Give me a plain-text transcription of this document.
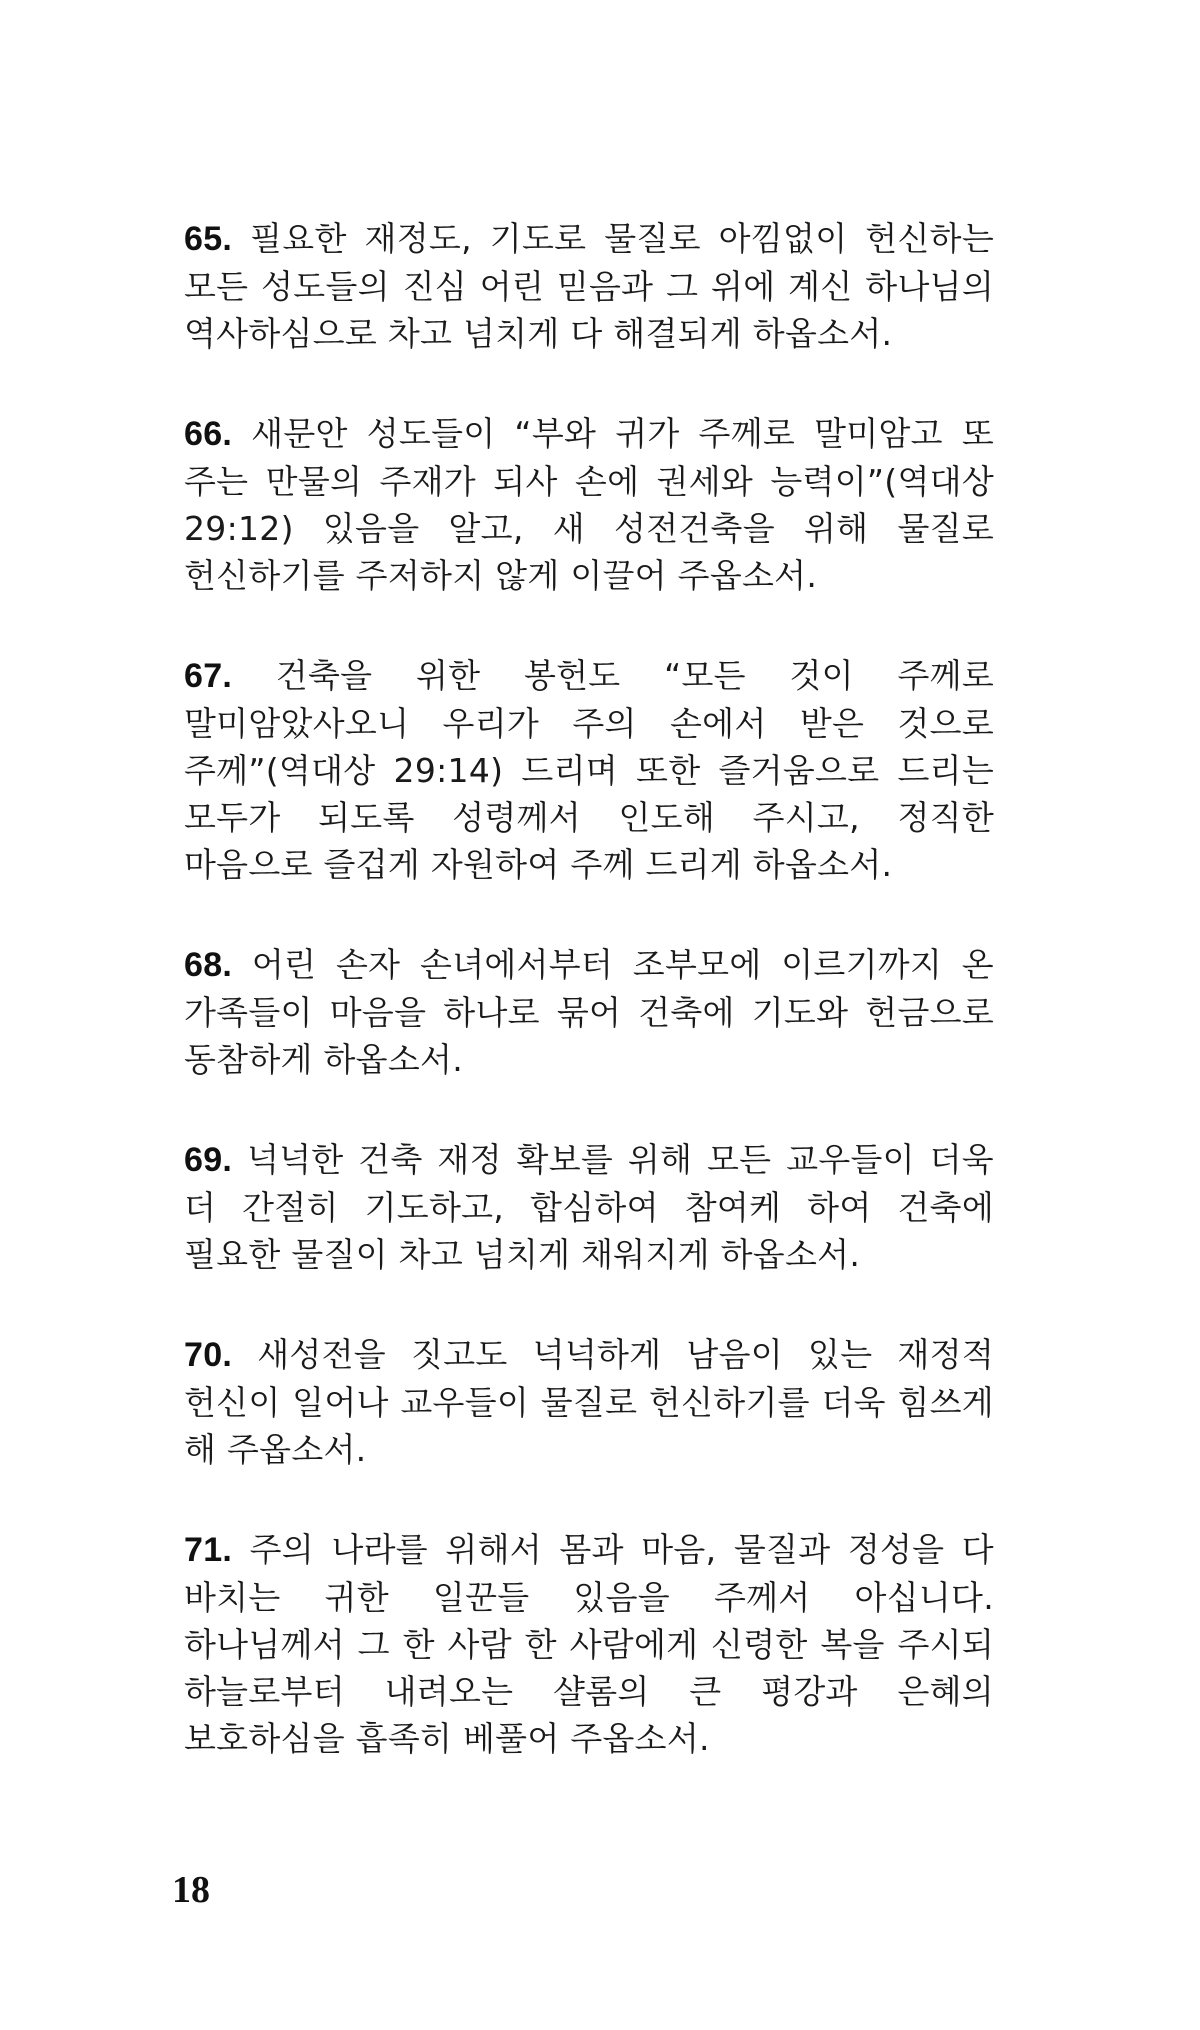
65. 필요한 재정도, 기도로 물질로 아낌없이 헌신하는 모든 성도들의 진심 어린 믿음과 그 위에 계신 하나님의 역사하심으로 차고 넘치게 다 해결되게 하옵소서.

66. 새문안 성도들이 “부와 귀가 주께로 말미암고 또 주는 만물의 주재가 되사 손에 권세와 능력이”(역대상 29:12) 있음을 알고, 새 성전건축을 위해 물질로 헌신하기를 주저하지 않게 이끌어 주옵소서.

67. 건축을 위한 봉헌도 “모든 것이 주께로 말미암았사오니 우리가 주의 손에서 받은 것으로 주께”(역대상 29:14) 드리며 또한 즐거움으로 드리는 모두가 되도록 성령께서 인도해 주시고, 정직한 마음으로 즐겁게 자원하여 주께 드리게 하옵소서.

68. 어린 손자 손녀에서부터 조부모에 이르기까지 온 가족들이 마음을 하나로 묶어 건축에 기도와 헌금으로 동참하게 하옵소서.

69. 넉넉한 건축 재정 확보를 위해 모든 교우들이 더욱 더 간절히 기도하고, 합심하여 참여케 하여 건축에 필요한 물질이 차고 넘치게 채워지게 하옵소서.

70. 새성전을 짓고도 넉넉하게 남음이 있는 재정적 헌신이 일어나 교우들이 물질로 헌신하기를 더욱 힘쓰게 해 주옵소서.

71. 주의 나라를 위해서 몸과 마음, 물질과 정성을 다 바치는 귀한 일꾼들 있음을 주께서 아십니다. 하나님께서 그 한 사람 한 사람에게 신령한 복을 주시되 하늘로부터 내려오는 샬롬의 큰 평강과 은혜의 보호하심을 흡족히 베풀어 주옵소서.

18
